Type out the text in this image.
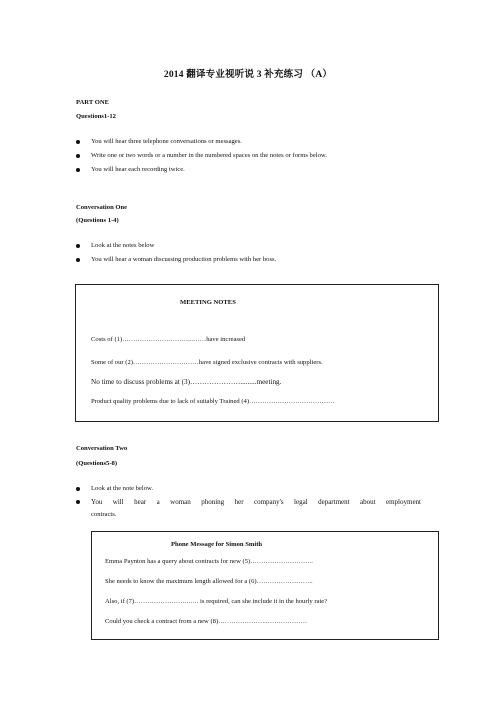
2014 翻译专业视听说 3 补充练习 （A）
PART ONE
Questions1-12
You will hear three telephone conversations or messages.
Write one or two words or a number in the numbered spaces on the notes or forms below.
You will hear each recording twice.
Conversation One
(Questions 1-4)
Look at the notes below
You will hear a woman discussing production problems with her boss.
MEETING NOTES
Costs of (1)…………………………...……have increased
Some of our (2)…………………………have signed exclusive contracts with suppliers.
No time to discuss problems at (3)………………….........meeting.
Product quality problems due to lack of suitably Trained (4)…………………………………
Conversation Two
(Questions5-8)
Look at the note below.
You will hear a woman phoning her company's legal department about employment
contracts.
Phone Message for Simon Smith
Emma Paynton has a query about contracts for new (5)………………………..
She needs to know the maximum length allowed for a (6)……………………..
Also, if (7)……………………..…. is required, can she include it in the hourly rate?
Could you check a contract from a new (8)…………………..………………
